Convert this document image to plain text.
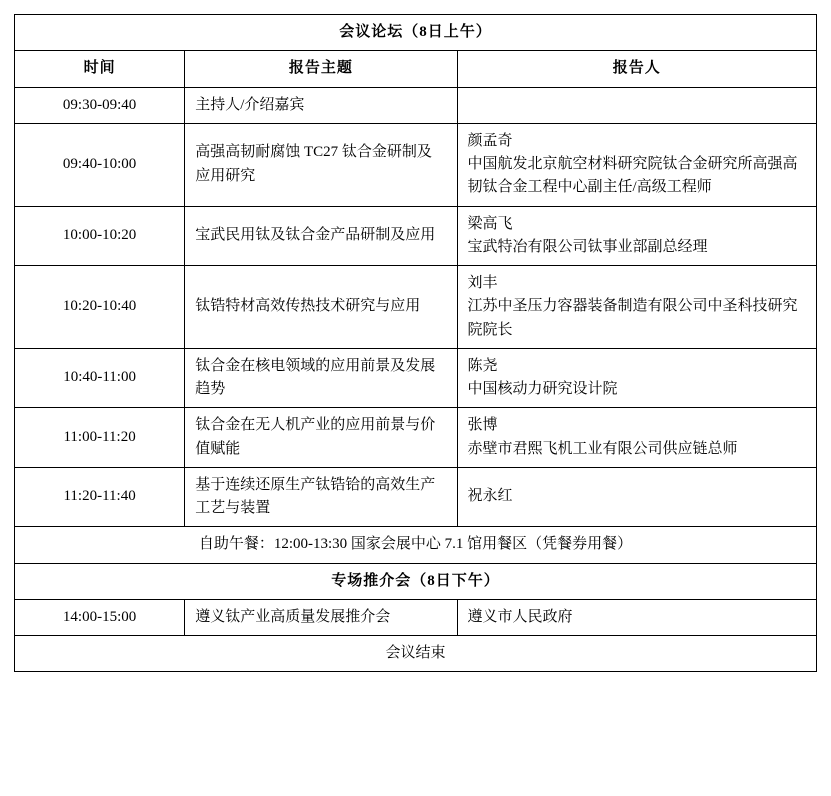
会议论坛（8日上午）		
时间	报告主题	报告人
09:30-09:40	主持人/介绍嘉宾	
09:40-10:00	高强高韧耐腐蚀 TC27 钛合金研制及应用研究	颜孟奇
中国航发北京航空材料研究院钛合金研究所高强高韧钛合金工程中心副主任/高级工程师

10:00-10:20	宝武民用钛及钛合金产品研制及应用	梁高飞
宝武特冶有限公司钛事业部副总经理

10:20-10:40	钛锆特材高效传热技术研究与应用	刘丰
江苏中圣压力容器装备制造有限公司中圣科技研究院院长

10:40-11:00	钛合金在核电领域的应用前景及发展趋势	陈尧
中国核动力研究设计院

11:00-11:20	钛合金在无人机产业的应用前景与价值赋能	张博
赤壁市君熙飞机工业有限公司供应链总师

11:20-11:40	基于连续还原生产钛锆铪的高效生产工艺与装置	祝永红
自助午餐：12:00-13:30 国家会展中心 7.1 馆用餐区（凭餐券用餐）		
专场推介会（8日下午）		
14:00-15:00	遵义钛产业高质量发展推介会	遵义市人民政府
会议结束		
